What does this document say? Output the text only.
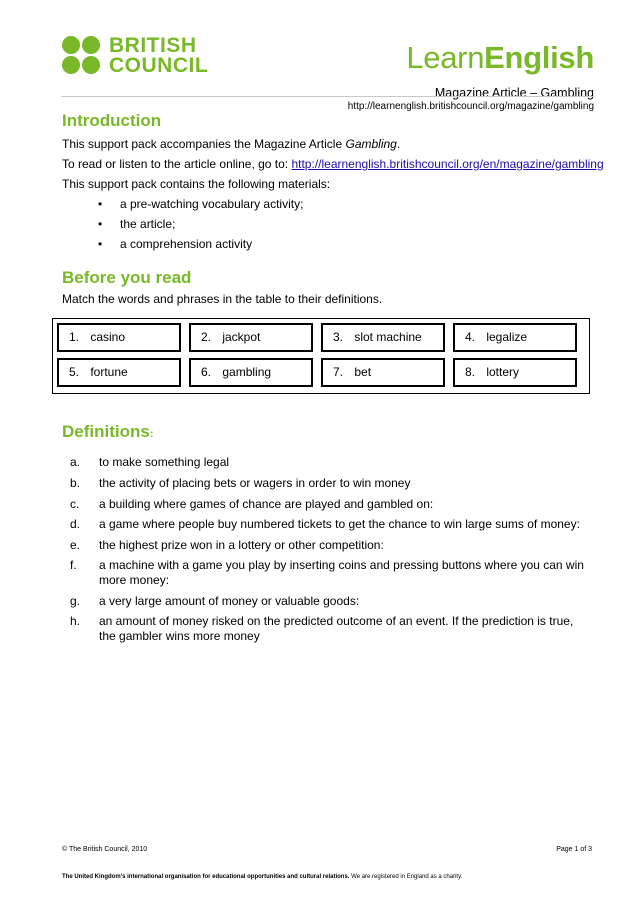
BRITISH
COUNCIL	LearnEnglish
Magazine Article – Gambling
http://learnenglish.britishcouncil.org/magazine/gambling
Introduction
This support pack accompanies the Magazine Article Gambling.
To read or listen to the article online, go to: http://learnenglish.britishcouncil.org/en/magazine/gambling
This support pack contains the following materials:
• a pre-watching vocabulary activity;
• the article;
• a comprehension activity
Before you read
Match the words and phrases in the table to their definitions.
1. casino	2. jackpot	3. slot machine	4. legalize
5. fortune	6. gambling	7. bet	8. lottery
Definitions:
a. to make something legal
b. the activity of placing bets or wagers in order to win money
c. a building where games of chance are played and gambled on:
d. a game where people buy numbered tickets to get the chance to win large sums of money:
e. the highest prize won in a lottery or other competition:
f. a machine with a game you play by inserting coins and pressing buttons where you can win more money:
g. a very large amount of money or valuable goods:
h. an amount of money risked on the predicted outcome of an event. If the prediction is true, the gambler wins more money
© The British Council, 2010	Page 1 of 3
The United Kingdom’s international organisation for educational opportunities and cultural relations. We are registered in England as a charity.
